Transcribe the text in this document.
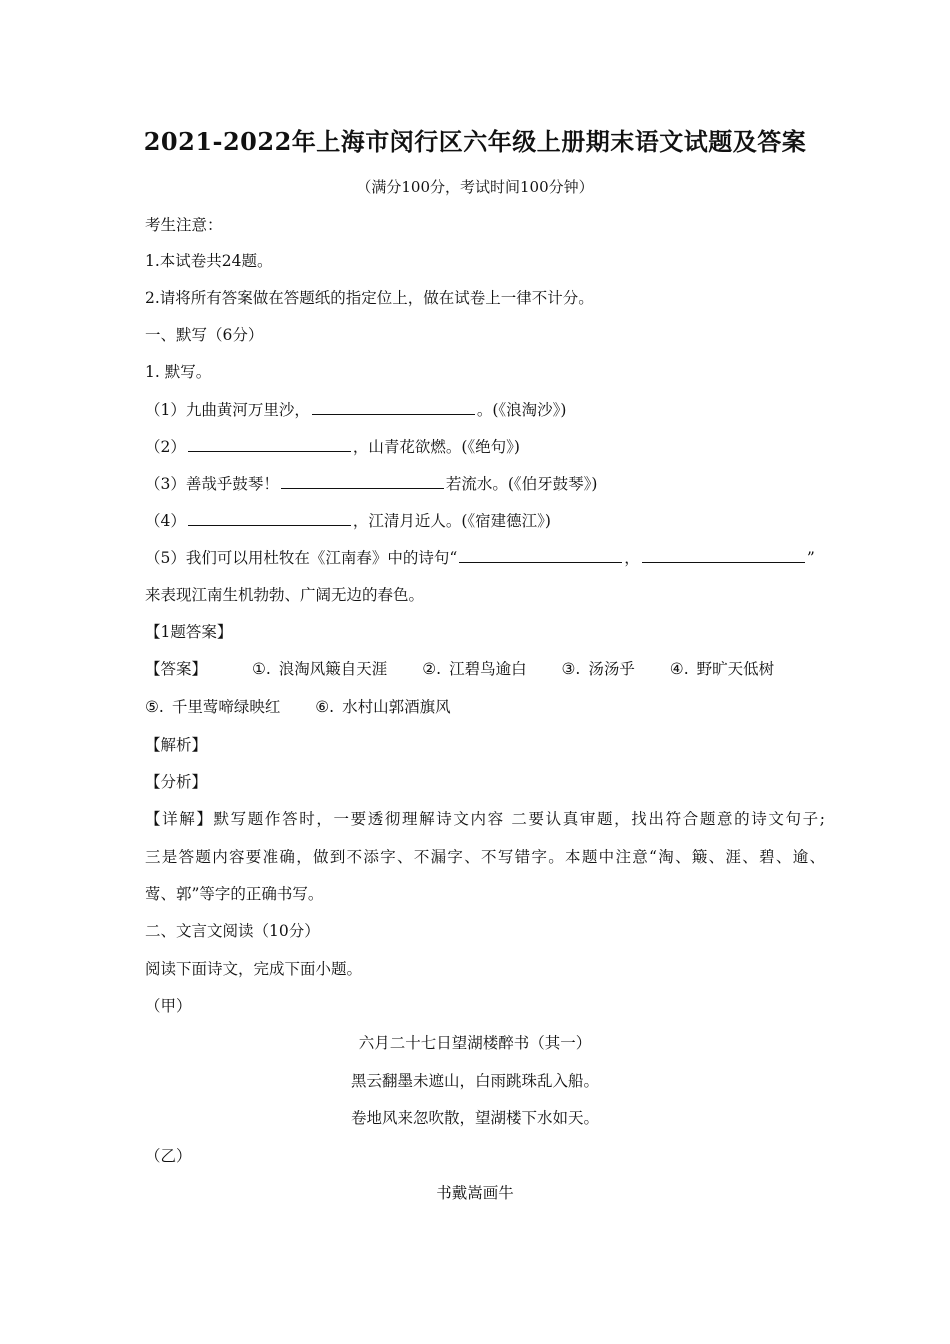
2021-2022年上海市闵行区六年级上册期末语文试题及答案
（满分100分，考试时间100分钟）
考生注意：
1.本试卷共24题。
2.请将所有答案做在答题纸的指定位上，做在试卷上一律不计分。
一、默写（6分）
1. 默写。
（1）九曲黄河万里沙，	。(《浪淘沙》)
（2）	，山青花欲燃。(《绝句》)
（3）善哉乎鼓琴！	若流水。(《伯牙鼓琴》)
（4）	，江清月近人。(《宿建德江》)
（5）我们可以用杜牧在《江南春》中的诗句“	，	”
来表现江南生机勃勃、广阔无边的春色。
【1题答案】
【答案】	①. 浪淘风簸自天涯 ②. 江碧鸟逾白 ③. 汤汤乎 ④. 野旷天低树
⑤. 千里莺啼绿映红 ⑥. 水村山郭酒旗风
【解析】
【分析】
【详解】默写题作答时，一要透彻理解诗文内容 二要认真审题，找出符合题意的诗文句子;
三是答题内容要准确，做到不添字、不漏字、不写错字。本题中注意“淘、簸、涯、碧、逾、
莺、郭”等字的正确书写。
二、文言文阅读（10分）
阅读下面诗文，完成下面小题。
（甲）
六月二十七日望湖楼醉书（其一）
黑云翻墨未遮山，白雨跳珠乱入船。
卷地风来忽吹散，望湖楼下水如天。
（乙）
书戴嵩画牛
